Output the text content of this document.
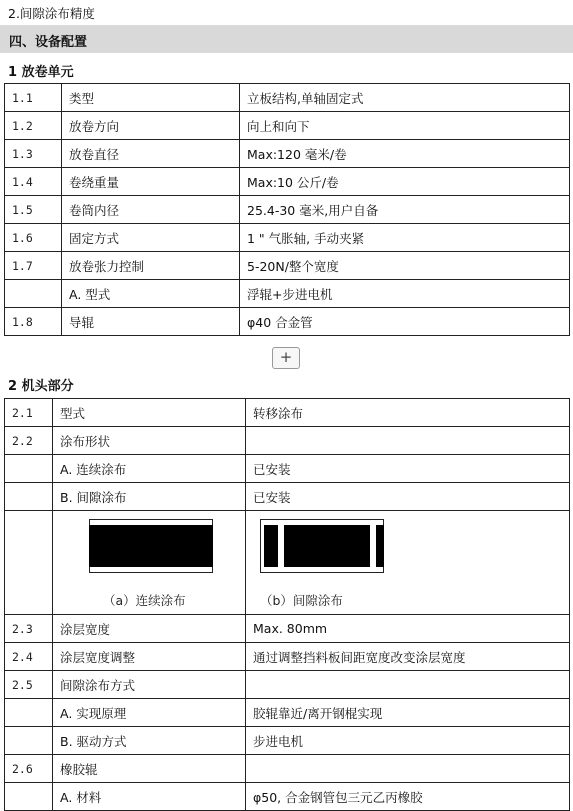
2.间隙涂布精度
四、设备配置
1 放卷单元
1.1	类型	立板结构,单轴固定式
1.2	放卷方向	向上和向下
1.3	放卷直径	Max:120 毫米/卷
1.4	卷绕重量	Max:10 公斤/卷
1.5	卷筒内径	25.4-30 毫米,用户自备
1.6	固定方式	1 " 气胀轴, 手动夹紧
1.7	放卷张力控制	5-20N/整个宽度
	A. 型式	浮辊+步进电机
1.8	导辊	φ40 合金管
+
2 机头部分
2.1	型式	转移涂布
2.2	涂布形状	
	A. 连续涂布	已安装
	B. 间隙涂布	已安装

	（a）连续涂布	（b）间隙涂布

2.3	涂层宽度	Max. 80mm
2.4	涂层宽度调整	通过调整挡料板间距宽度改变涂层宽度
2.5	间隙涂布方式	
	A. 实现原理	胶辊靠近/离开钢棍实现
	B. 驱动方式	步进电机
2.6	橡胶辊	
	A. 材料	φ50, 合金钢管包三元乙丙橡胶
